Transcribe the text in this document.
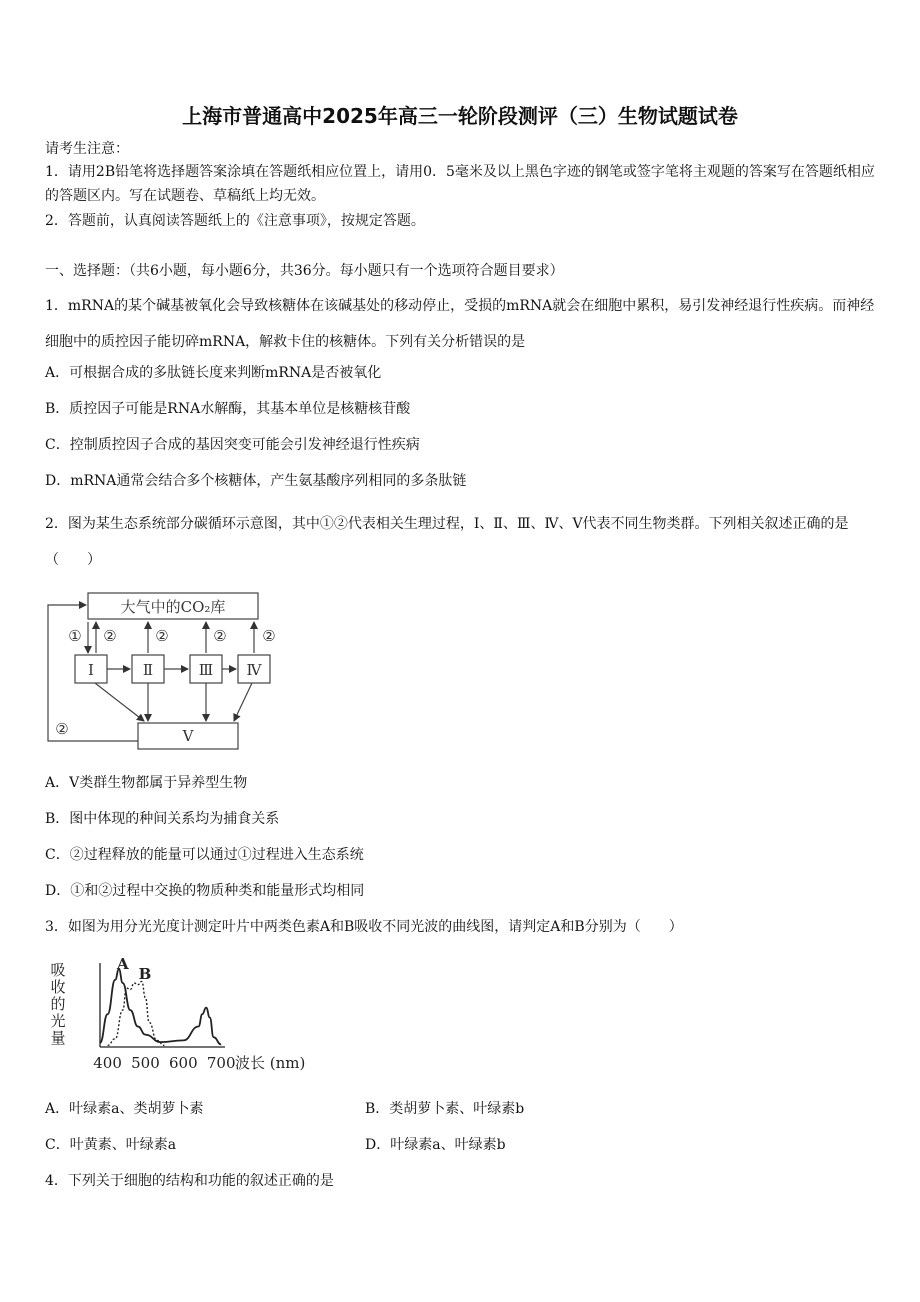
上海市普通高中2025年高三一轮阶段测评（三）生物试题试卷
请考生注意：
1．请用2B铅笔将选择题答案涂填在答题纸相应位置上，请用0．5毫米及以上黑色字迹的钢笔或签字笔将主观题的答案写在答题纸相应的答题区内。写在试题卷、草稿纸上均无效。
2．答题前，认真阅读答题纸上的《注意事项》，按规定答题。
一、选择题：（共6小题，每小题6分，共36分。每小题只有一个选项符合题目要求）
1．mRNA的某个碱基被氧化会导致核糖体在该碱基处的移动停止，受损的mRNA就会在细胞中累积，易引发神经退行性疾病。而神经细胞中的质控因子能切碎mRNA，解救卡住的核糖体。下列有关分析错误的是
A．可根据合成的多肽链长度来判断mRNA是否被氧化
B．质控因子可能是RNA水解酶，其基本单位是核糖核苷酸
C．控制质控因子合成的基因突变可能会引发神经退行性疾病
D．mRNA通常会结合多个核糖体，产生氨基酸序列相同的多条肽链
2．图为某生态系统部分碳循环示意图，其中①②代表相关生理过程，Ⅰ、Ⅱ、Ⅲ、Ⅳ、Ⅴ代表不同生物类群。下列相关叙述正确的是（　　）
大气中的CO₂库
Ⅰ	Ⅱ	Ⅲ Ⅳ
Ⅴ
① ②	②	② ②
②
A．Ⅴ类群生物都属于异养型生物
B．图中体现的种间关系均为捕食关系
C．②过程释放的能量可以通过①过程进入生态系统
D．①和②过程中交换的物质种类和能量形式均相同
3．如图为用分光光度计测定叶片中两类色素A和B吸收不同光波的曲线图，请判定A和B分别为（　　）
吸
收
的
光
量
A
B
400 500 600 700 波长 (nm)
A．叶绿素a、类胡萝卜素	B．类胡萝卜素、叶绿素b
C．叶黄素、叶绿素a	D．叶绿素a、叶绿素b
4．下列关于细胞的结构和功能的叙述正确的是
